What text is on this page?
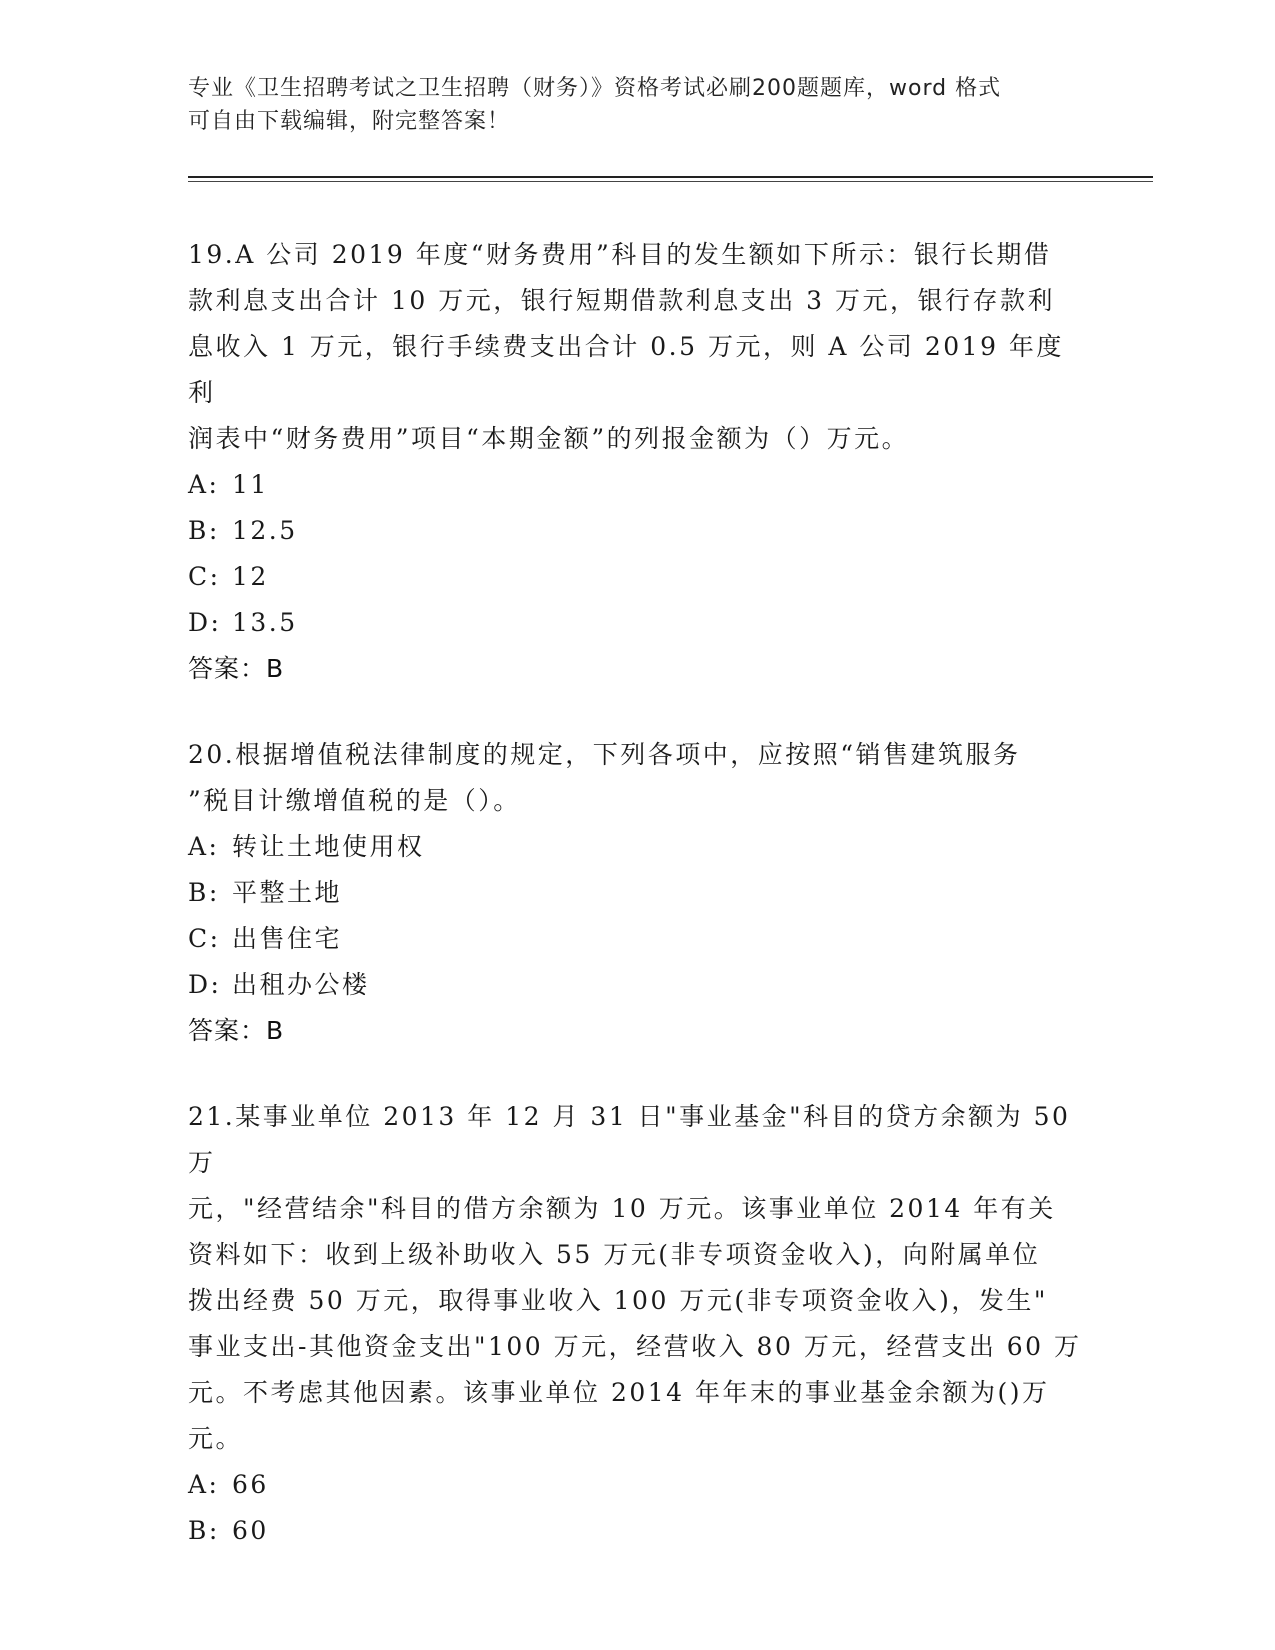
专业《卫生招聘考试之卫生招聘（财务）》资格考试必刷200题题库，word 格式
可自由下载编辑，附完整答案！

19.A 公司 2019 年度“财务费用”科目的发生额如下所示：银行长期借

款利息支出合计 10 万元，银行短期借款利息支出 3 万元，银行存款利

息收入 1 万元，银行手续费支出合计 0.5 万元，则 A 公司 2019 年度利

润表中“财务费用”项目“本期金额”的列报金额为（）万元。

A: 11

B: 12.5

C: 12

D: 13.5

答案：B

20.根据增值税法律制度的规定，下列各项中，应按照“销售建筑服务

”税目计缴增值税的是（）。

A: 转让土地使用权

B: 平整土地

C: 出售住宅

D: 出租办公楼

答案：B

21.某事业单位 2013 年 12 月 31 日"事业基金"科目的贷方余额为 50 万

元，"经营结余"科目的借方余额为 10 万元。该事业单位 2014 年有关

资料如下：收到上级补助收入 55 万元(非专项资金收入)，向附属单位

拨出经费 50 万元，取得事业收入 100 万元(非专项资金收入)，发生"

事业支出-其他资金支出"100 万元，经营收入 80 万元，经营支出 60 万

元。不考虑其他因素。该事业单位 2014 年年末的事业基金余额为()万

元。

A: 66

B: 60
